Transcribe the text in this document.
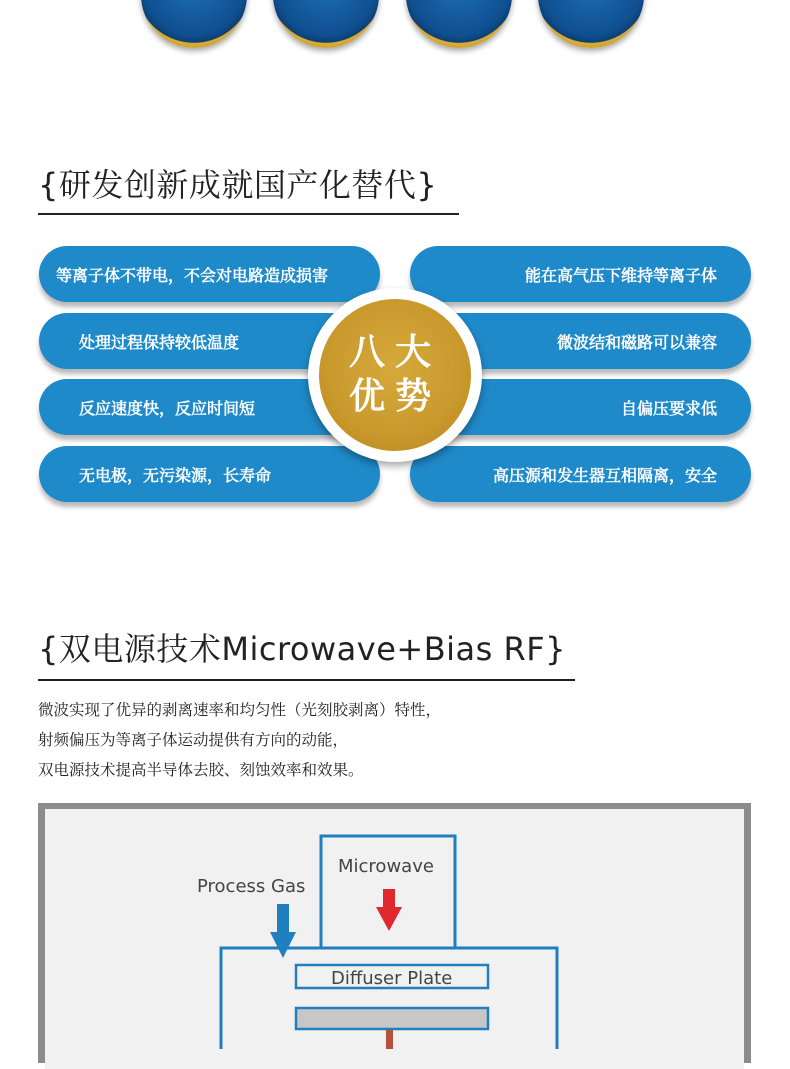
{研发创新成就国产化替代}
等离子体不带电，不会对电路造成损害
处理过程保持较低温度
反应速度快，反应时间短
无电极，无污染源，长寿命
能在高气压下维持等离子体
微波结和磁路可以兼容
自偏压要求低
高压源和发生器互相隔离，安全
八大
优势
{双电源技术Microwave+Bias RF}
微波实现了优异的剥离速率和均匀性（光刻胶剥离）特性，
射频偏压为等离子体运动提供有方向的动能，
双电源技术提高半导体去胶、刻蚀效率和效果。
Process Gas
Microwave
Diffuser Plate
